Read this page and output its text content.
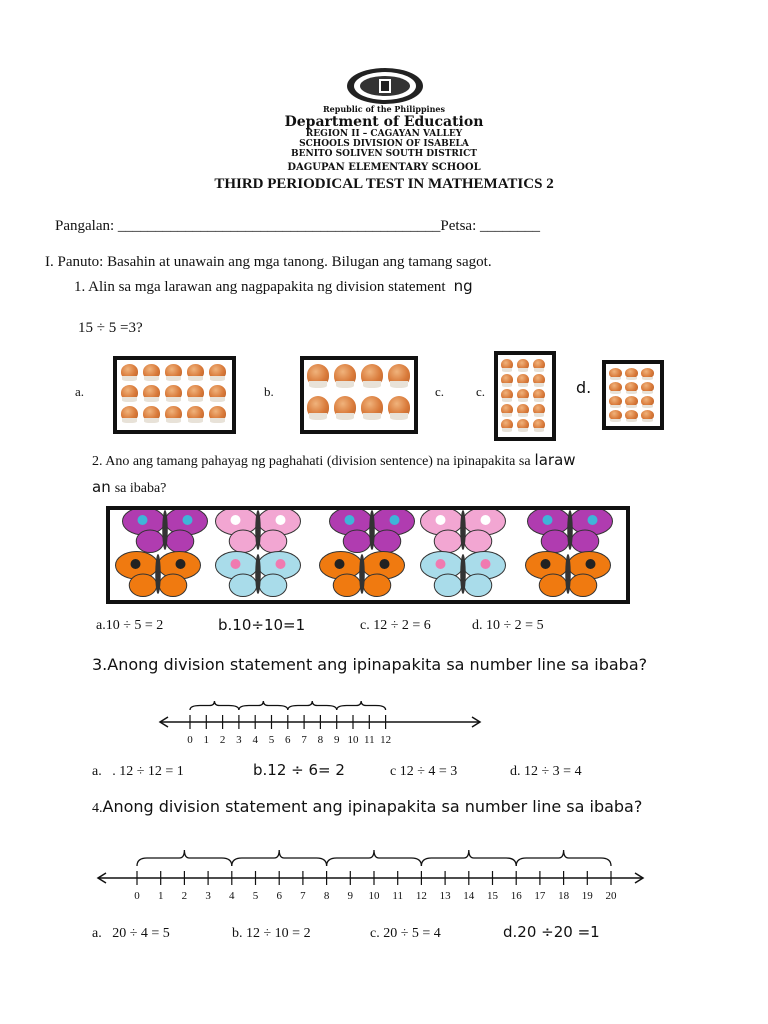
Republic of the Philippines
Department of Education
REGION II – CAGAYAN VALLEY
SCHOOLS DIVISION OF ISABELA
BENITO SOLIVEN SOUTH DISTRICT
DAGUPAN ELEMENTARY SCHOOL
THIRD PERIODICAL TEST IN MATHEMATICS 2
Pangalan: ___________________________________________Petsa: ________
I. Panuto: Basahin at unawain ang mga tanong. Bilugan ang tamang sagot.
1. Alin sa mga larawan ang nagpapakita ng division statement ng
15 ÷ 5 =3?
a.	b.	c. c.	d.
2. Ano ang tamang pahayag ng paghahati (division sentence) na ipinapakita sa laraw
an sa ibaba?
a.10 ÷ 5 = 2	b.10÷10=1	c. 12 ÷ 2 = 6	d. 10 ÷ 2 = 5
3.Anong division statement ang ipinapakita sa number line sa ibaba?
0 1 2 3 4 5 6 7 8 9 10 11 12
a.   . 12 ÷ 12 = 1	b.12 ÷ 6= 2	c 12 ÷ 4 = 3	d. 12 ÷ 3 = 4
4.Anong division statement ang ipinapakita sa number line sa ibaba?
0 1 2 3 4 5 6 7 8 9 10 11 12 13 14 15 16 17 18 19 20
a.   20 ÷ 4 = 5	b. 12 ÷ 10 = 2	c. 20 ÷ 5 = 4	d.20 ÷20 =1
